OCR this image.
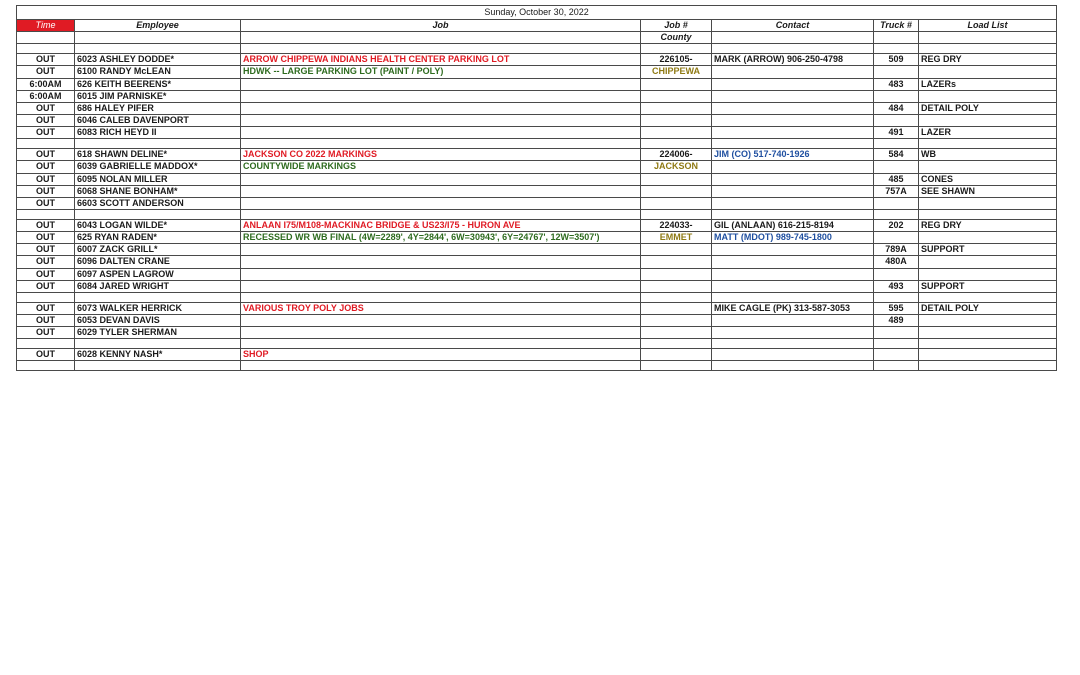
Sunday, October 30, 2022						
Time	Employee	Job	Job #	Contact	Truck #	Load List
			County			

OUT	6023 ASHLEY DODDE*	ARROW CHIPPEWA INDIANS HEALTH CENTER PARKING LOT	226105-	MARK (ARROW) 906-250-4798	509	REG DRY
OUT	6100 RANDY McLEAN	HDWK -- LARGE PARKING LOT (PAINT / POLY)	CHIPPEWA			
6:00AM	626 KEITH BEERENS*				483	LAZERs
6:00AM	6015 JIM PARNISKE*					
OUT	686 HALEY PIFER				484	DETAIL POLY
OUT	6046 CALEB DAVENPORT					
OUT	6083 RICH HEYD II				491	LAZER

OUT	618 SHAWN DELINE*	JACKSON CO 2022 MARKINGS	224006-	JIM (CO) 517-740-1926	584	WB
OUT	6039 GABRIELLE MADDOX*	COUNTYWIDE MARKINGS	JACKSON			
OUT	6095 NOLAN MILLER				485	CONES
OUT	6068 SHANE BONHAM*				757A	SEE SHAWN
OUT	6603 SCOTT ANDERSON					

OUT	6043 LOGAN WILDE*	ANLAAN I75/M108-MACKINAC BRIDGE & US23/I75 - HURON AVE	224033-	GIL (ANLAAN) 616-215-8194	202	REG DRY
OUT	625 RYAN RADEN*	RECESSED WR WB FINAL (4W=2289', 4Y=2844', 6W=30943', 6Y=24767', 12W=3507')	EMMET	MATT (MDOT) 989-745-1800		
OUT	6007 ZACK GRILL*				789A	SUPPORT
OUT	6096 DALTEN CRANE				480A	
OUT	6097 ASPEN LAGROW					
OUT	6084 JARED WRIGHT				493	SUPPORT

OUT	6073 WALKER HERRICK	VARIOUS TROY POLY JOBS		MIKE CAGLE (PK) 313-587-3053	595	DETAIL POLY
OUT	6053 DEVAN DAVIS				489	
OUT	6029 TYLER SHERMAN					

OUT	6028 KENNY NASH*	SHOP				
